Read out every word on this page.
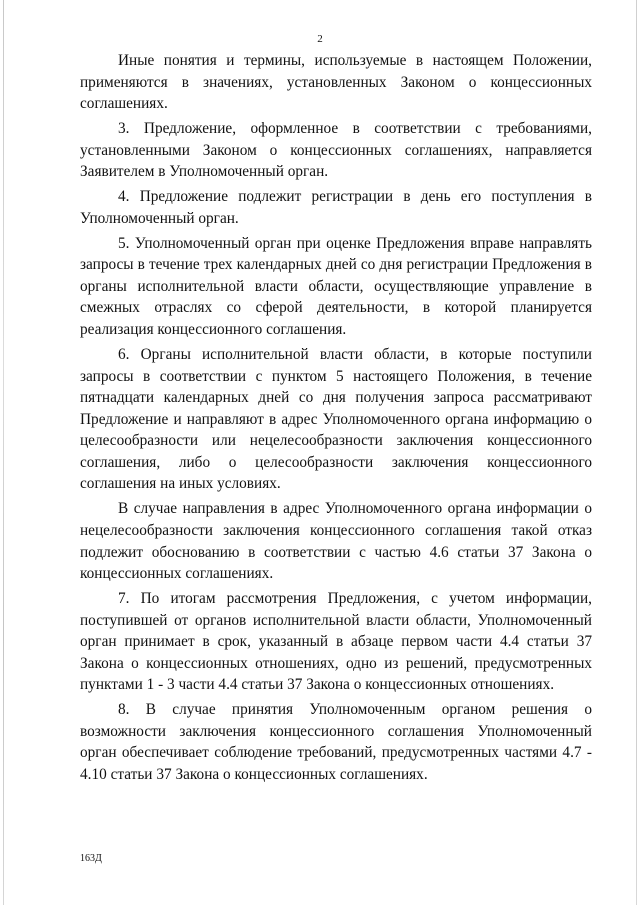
2

Иные понятия и термины, используемые в настоящем Положении, применяются в значениях, установленных Законом о концессионных соглашениях.

3. Предложение, оформленное в соответствии с требованиями, установленными Законом о концессионных соглашениях, направляется Заявителем в Уполномоченный орган.

4. Предложение подлежит регистрации в день его поступления в Уполномоченный орган.

5. Уполномоченный орган при оценке Предложения вправе направлять запросы в течение трех календарных дней со дня регистрации Предложения в органы исполнительной власти области, осуществляющие управление в смежных отраслях со сферой деятельности, в которой планируется реализация концессионного соглашения.

6. Органы исполнительной власти области, в которые поступили запросы в соответствии с пунктом 5 настоящего Положения, в течение пятнадцати календарных дней со дня получения запроса рассматривают Предложение и направляют в адрес Уполномоченного органа информацию о целесообразности или нецелесообразности заключения концессионного соглашения, либо о целесообразности заключения концессионного соглашения на иных условиях.

В случае направления в адрес Уполномоченного органа информации о нецелесообразности заключения концессионного соглашения такой отказ подлежит обоснованию в соответствии с частью 4.6 статьи 37 Закона о концессионных соглашениях.

7. По итогам рассмотрения Предложения, с учетом информации, поступившей от органов исполнительной власти области, Уполномоченный орган принимает в срок, указанный в абзаце первом части 4.4 статьи 37 Закона о концессионных отношениях, одно из решений, предусмотренных пунктами 1 - 3 части 4.4 статьи 37 Закона о концессионных отношениях.

8. В случае принятия Уполномоченным органом решения о возможности заключения концессионного соглашения Уполномоченный орган обеспечивает соблюдение требований, предусмотренных частями 4.7 - 4.10 статьи 37 Закона о концессионных соглашениях.

163Д
